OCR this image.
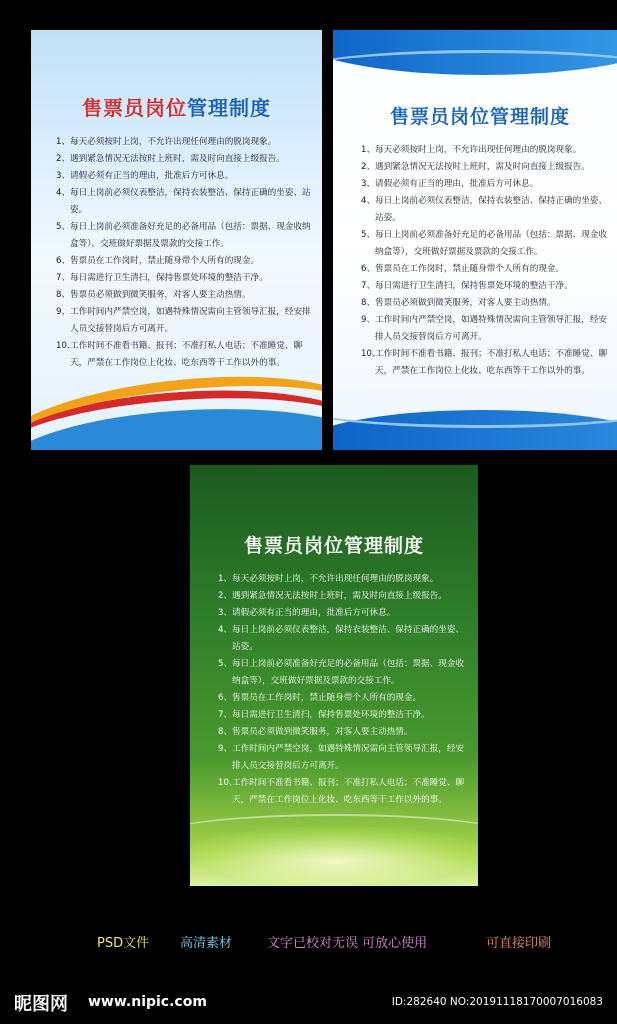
售票员岗位管理制度
1、 每天必须按时上岗，不允许出现任何理由的脱岗现象。
2、 遇到紧急情况无法按时上班时，需及时向直接上级报告。
3、 请假必须有正当的理由，批准后方可休息。
4、 每日上岗前必须仪表整洁，保持衣装整洁、保持正确的坐姿、站姿。
5、 每日上岗前必须准备好充足的必备用品（包括：票据、现金收纳盒等），交班做好票据及票款的交接工作。
6、 售票员在工作岗时，禁止随身带个人所有的现金。
7、 每日需进行卫生清扫，保持售票处环境的整洁干净。
8、 售票员必须做到微笑服务，对客人要主动热情。
9、 工作时间内严禁空岗，如遇特殊情况需向主管领导汇报，经安排人员交接替岗后方可离开。
10、
工作时间不准看书籍、报刊；不准打私人电话；不准睡觉、聊天，严禁在工作岗位上化妆、吃东西等干工作以外的事。
售票员岗位管理制度
1、 每天必须按时上岗，不允许出现任何理由的脱岗现象。
2、 遇到紧急情况无法按时上班时，需及时向直接上级报告。
3、 请假必须有正当的理由，批准后方可休息。
4、 每日上岗前必须仪表整洁，保持衣装整洁、保持正确的坐姿、站姿。
5、 每日上岗前必须准备好充足的必备用品（包括：票据、现金收纳盒等），交班做好票据及票款的交接工作。
6、 售票员在工作岗时，禁止随身带个人所有的现金。
7、 每日需进行卫生清扫，保持售票处环境的整洁干净。
8、 售票员必须做到微笑服务，对客人要主动热情。
9、 工作时间内严禁空岗，如遇特殊情况需向主管领导汇报，经安排人员交接替岗后方可离开。
10、
工作时间不准看书籍、报刊；不准打私人电话；不准睡觉、聊天，严禁在工作岗位上化妆、吃东西等干工作以外的事。
售票员岗位管理制度
1、 每天必须按时上岗，不允许出现任何理由的脱岗现象。
2、 遇到紧急情况无法按时上班时，需及时向直接上级报告。
3、 请假必须有正当的理由，批准后方可休息。
4、 每日上岗前必须仪表整洁，保持衣装整洁、保持正确的坐姿、站姿。
5、 每日上岗前必须准备好充足的必备用品（包括：票据、现金收纳盒等），交班做好票据及票款的交接工作。
6、 售票员在工作岗时，禁止随身带个人所有的现金。
7、 每日需进行卫生清扫，保持售票处环境的整洁干净。
8、 售票员必须做到微笑服务，对客人要主动热情。
9、 工作时间内严禁空岗，如遇特殊情况需向主管领导汇报，经安排人员交接替岗后方可离开。
10、
工作时间不准看书籍、报刊；不准打私人电话；不准睡觉、聊天，严禁在工作岗位上化妆、吃东西等干工作以外的事。
PSD文件 高清素材	文字已校对无误 可放心使用	可直接印刷
昵图网 www.nipic.com	ID:282640 NO:20191118170007016083
